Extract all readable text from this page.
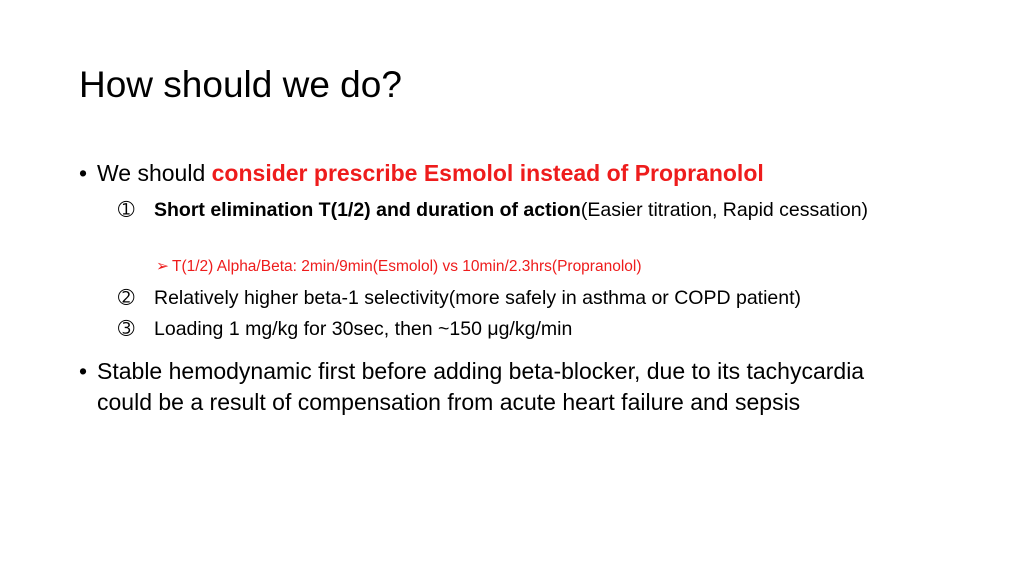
How should we do?
• We should consider prescribe Esmolol instead of Propranolol
➀	Short elimination T(1/2) and duration of action(Easier titration, Rapid cessation)
➢ T(1/2) Alpha/Beta: 2min/9min(Esmolol) vs 10min/2.3hrs(Propranolol)
➁	Relatively higher beta-1 selectivity(more safely in asthma or COPD patient)
➂	Loading 1 mg/kg for 30sec, then ~150 μg/kg/min
• Stable hemodynamic first before adding beta-blocker, due to its tachycardia could be a result of compensation from acute heart failure and sepsis
